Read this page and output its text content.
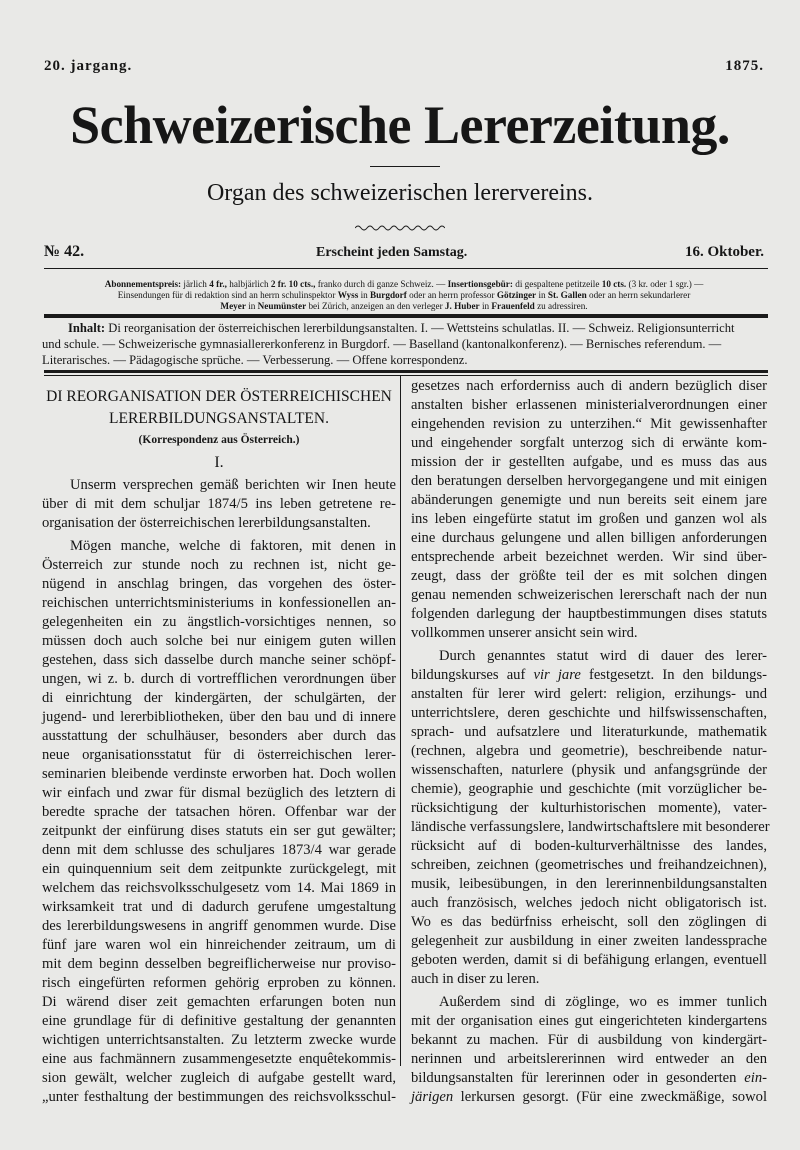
20. jargang.	1875.
Schweizerische Lererzeitung.
Organ des schweizerischen lerervereins.
№ 42.	Erscheint jeden Samstag.	16. Oktober.
Abonnementspreis: järlich 4 fr., halbjärlich 2 fr. 10 cts., franko durch di ganze Schweiz. — Insertionsgebür: di gespaltene petitzeile 10 cts. (3 kr. oder 1 sgr.) —
Einsendungen für di redaktion sind an herrn schulinspektor Wyss in Burgdorf oder an herrn professor Götzinger in St. Gallen oder an herrn sekundarlerer
Meyer in Neumünster bei Zürich, anzeigen an den verleger J. Huber in Frauenfeld zu adressiren.
Inhalt: Di reorganisation der österreichischen lererbildungsanstalten. I. — Wettsteins schulatlas. II. — Schweiz. Religionsunterricht
und schule. — Schweizerische gymnasiallererkonferenz in Burgdorf. — Baselland (kantonalkonferenz). — Bernisches referendum. —
Literarisches. — Pädagogische sprüche. — Verbesserung. — Offene korrespondenz.
DI REORGANISATION DER ÖSTERREICHISCHEN
LERERBILDUNGSANSTALTEN.
(Korrespondenz aus Österreich.)
I.
Unserm versprechen gemäß berichten wir Inen heute
über di mit dem schuljar 1874/5 ins leben getretene re-
organisation der österreichischen lererbildungsanstalten.
Mögen manche, welche di faktoren, mit denen in
Österreich zur stunde noch zu rechnen ist, nicht ge-
nügend in anschlag bringen, das vorgehen des öster-
reichischen unterrichtsministeriums in konfessionellen an-
gelegenheiten ein zu ängstlich-vorsichtiges nennen, so
müssen doch auch solche bei nur einigem guten willen
gestehen, dass sich dasselbe durch manche seiner schöpf-
ungen, wi z. b. durch di vortrefflichen verordnungen über
di einrichtung der kindergärten, der schulgärten, der
jugend- und lererbibliotheken, über den bau und di innere
ausstattung der schulhäuser, besonders aber durch das
neue organisationsstatut für di österreichischen lerer-
seminarien bleibende verdinste erworben hat. Doch wollen
wir einfach und zwar für dismal bezüglich des letztern di
beredte sprache der tatsachen hören. Offenbar war der
zeitpunkt der einfürung dises statuts ein ser gut gewälter;
denn mit dem schlusse des schuljares 1873/4 war gerade
ein quinquennium seit dem zeitpunkte zurückgelegt, mit
welchem das reichsvolksschulgesetz vom 14. Mai 1869 in
wirksamkeit trat und di dadurch gerufene umgestaltung
des lererbildungswesens in angriff genommen wurde. Dise
fünf jare waren wol ein hinreichender zeitraum, um di
mit dem beginn desselben begreiflicherweise nur proviso-
risch eingefürten reformen gehörig erproben zu können.
Di wärend diser zeit gemachten erfarungen boten nun
eine grundlage für di definitive gestaltung der genannten
wichtigen unterrichtsanstalten. Zu letzterm zwecke wurde
eine aus fachmännern zusammengesetzte enquêtekommis-
sion gewält, welcher zugleich di aufgabe gestellt ward,
„unter festhaltung der bestimmungen des reichsvolksschul-
gesetzes nach erforderniss auch di andern bezüglich diser
anstalten bisher erlassenen ministerialverordnungen einer
eingehenden revision zu unterzihen.“ Mit gewissenhafter
und eingehender sorgfalt unterzog sich di erwänte kom-
mission der ir gestellten aufgabe, und es muss das aus
den beratungen derselben hervorgegangene und mit einigen
abänderungen genemigte und nun bereits seit einem jare
ins leben eingefürte statut im großen und ganzen wol als
eine durchaus gelungene und allen billigen anforderungen
entsprechende arbeit bezeichnet werden. Wir sind über-
zeugt, dass der größte teil der es mit solchen dingen
genau nemenden schweizerischen lererschaft nach der nun
folgenden darlegung der hauptbestimmungen dises statuts
vollkommen unserer ansicht sein wird.
Durch genanntes statut wird di dauer des lerer-
bildungskurses auf vir jare festgesetzt. In den bildungs-
anstalten für lerer wird gelert: religion, erzihungs- und
unterrichtslere, deren geschichte und hilfswissenschaften,
sprach- und aufsatzlere und literaturkunde, mathematik
(rechnen, algebra und geometrie), beschreibende natur-
wissenschaften, naturlere (physik und anfangsgründe der
chemie), geographie und geschichte (mit vorzüglicher be-
rücksichtigung der kulturhistorischen momente), vater-
ländische verfassungslere, landwirtschaftslere mit besonderer
rücksicht auf di boden-kulturverhältnisse des landes,
schreiben, zeichnen (geometrisches und freihandzeichnen),
musik, leibesübungen, in den lererinnenbildungsanstalten
auch französisch, welches jedoch nicht obligatorisch ist.
Wo es das bedürfniss erheischt, soll den zöglingen di
gelegenheit zur ausbildung in einer zweiten landessprache
geboten werden, damit si di befähigung erlangen, eventuell
auch in diser zu leren.
Außerdem sind di zöglinge, wo es immer tunlich
mit der organisation eines gut eingerichteten kindergartens
bekannt zu machen. Für di ausbildung von kindergärt-
nerinnen und arbeitslererinnen wird entweder an den
bildungsanstalten für lererinnen oder in gesonderten ein-
järigen lerkursen gesorgt. (Für eine zweckmäßige, sowol
